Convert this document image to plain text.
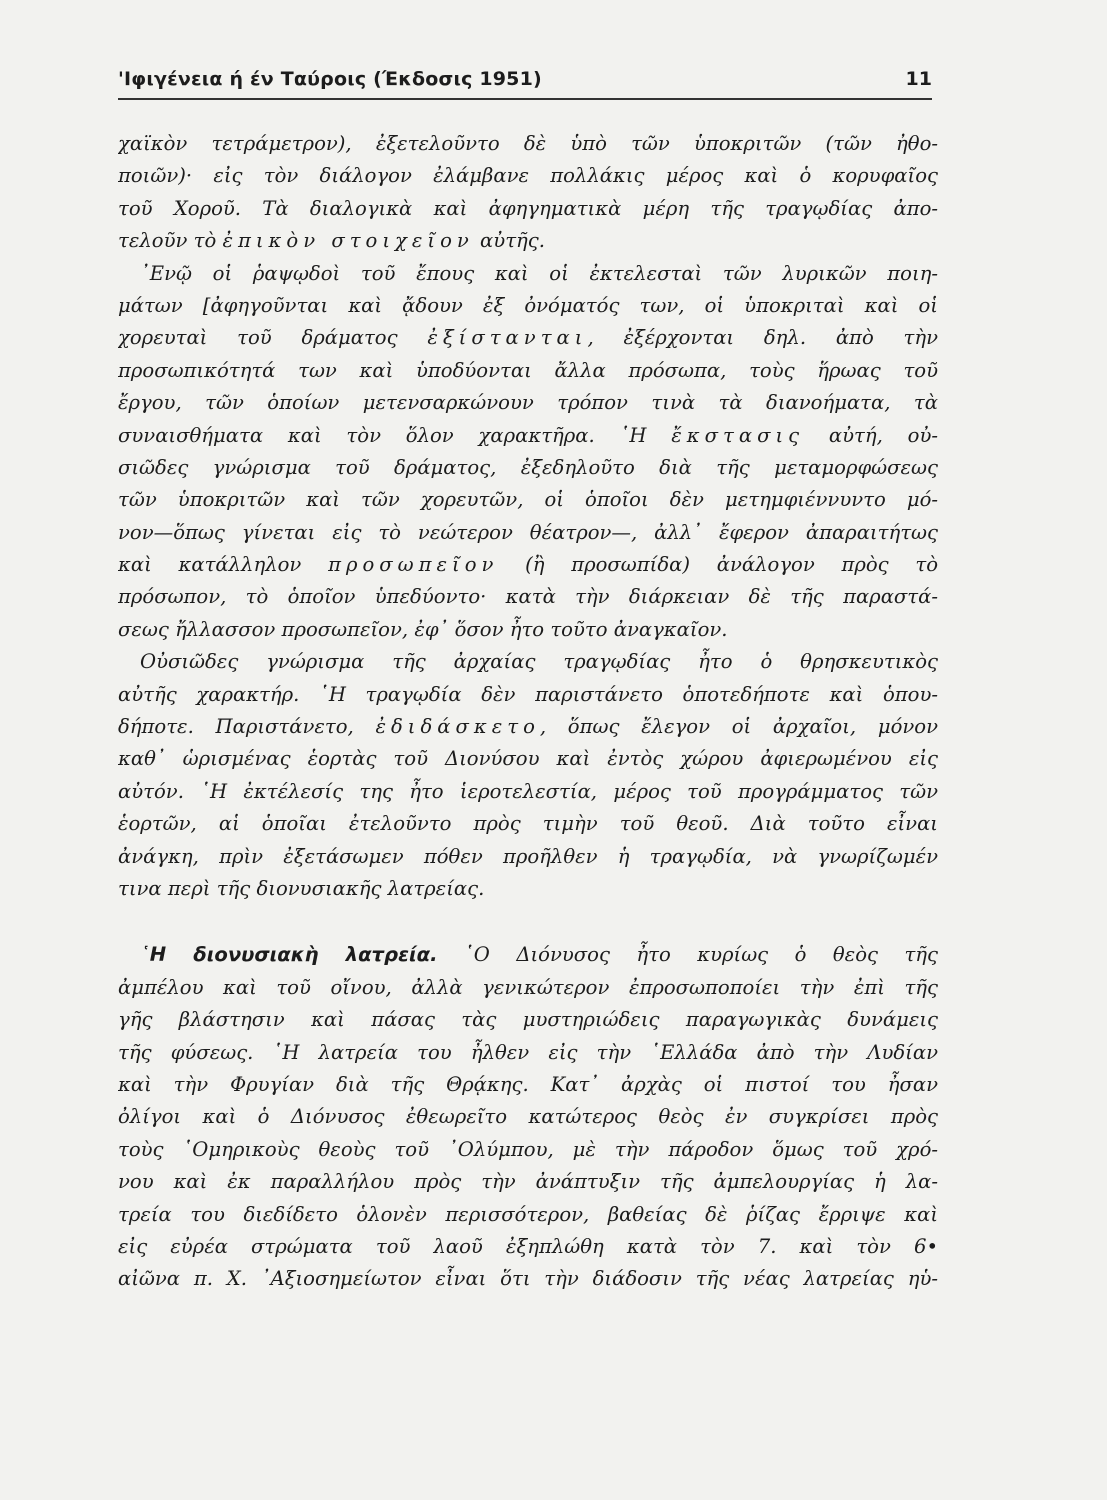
'Ιφιγένεια ή έν Ταύροις (Έκδοσις 1951)	11
χαϊκὸν τετράμετρον), ἐξετελοῦντο δὲ ὑπὸ τῶν ὑποκριτῶν (τῶν ἠθο-
ποιῶν)· εἰς τὸν διάλογον ἐλάμβανε πολλάκις μέρος καὶ ὁ κορυφαῖος
τοῦ Χοροῦ. Τὰ διαλογικὰ καὶ ἀφηγηματικὰ μέρη τῆς τραγῳδίας ἀπο-
τελοῦν τὸ ἐπικὸν στοιχεῖον αὐτῆς.
᾿Ενῷ οἱ ῥαψῳδοὶ τοῦ ἔπους καὶ οἱ ἐκτελεσταὶ τῶν λυρικῶν ποιη-
μάτων [ἀφηγοῦνται καὶ ᾄδουν ἐξ ὀνόματός των, οἱ ὑποκριταὶ καὶ οἱ
χορευταὶ τοῦ δράματος ἐξίστανται, ἐξέρχονται δηλ. ἀπὸ τὴν
προσωπικότητά των καὶ ὑποδύονται ἄλλα πρόσωπα, τοὺς ἥρωας τοῦ
ἔργου, τῶν ὁποίων μετενσαρκώνουν τρόπον τινὰ τὰ διανοήματα, τὰ
συναισθήματα καὶ τὸν ὅλον χαρακτῆρα. ῾Η ἔκστασις αὐτή, οὐ-
σιῶδες γνώρισμα τοῦ δράματος, ἐξεδηλοῦτο διὰ τῆς μεταμορφώσεως
τῶν ὑποκριτῶν καὶ τῶν χορευτῶν, οἱ ὁποῖοι δὲν μετημφιέννυντο μό-
νον—ὅπως γίνεται εἰς τὸ νεώτερον θέατρον—, ἀλλ᾿ ἔφερον ἀπαραιτήτως
καὶ κατάλληλον προσωπεῖον (ἢ προσωπίδα) ἀνάλογον πρὸς τὸ
πρόσωπον, τὸ ὁποῖον ὑπεδύοντο· κατὰ τὴν διάρκειαν δὲ τῆς παραστά-
σεως ἤλλασσον προσωπεῖον, ἐφ᾿ ὅσον ἦτο τοῦτο ἀναγκαῖον.
Οὐσιῶδες γνώρισμα τῆς ἀρχαίας τραγῳδίας ἦτο ὁ θρησκευτικὸς
αὐτῆς χαρακτήρ. ῾Η τραγῳδία δὲν παριστάνετο ὁποτεδήποτε καὶ ὁπου-
δήποτε. Παριστάνετο, ἐδιδάσκετο, ὅπως ἔλεγον οἱ ἀρχαῖοι, μόνον
καθ᾿ ὡρισμένας ἑορτὰς τοῦ Διονύσου καὶ ἐντὸς χώρου ἀφιερωμένου εἰς
αὐτόν. ῾Η ἐκτέλεσίς της ἦτο ἱεροτελεστία, μέρος τοῦ προγράμματος τῶν
ἑορτῶν, αἱ ὁποῖαι ἐτελοῦντο πρὸς τιμὴν τοῦ θεοῦ. Διὰ τοῦτο εἶναι
ἀνάγκη, πρὶν ἐξετάσωμεν πόθεν προῆλθεν ἡ τραγῳδία, νὰ γνωρίζωμέν
τινα περὶ τῆς διονυσιακῆς λατρείας.
῾Η διονυσιακὴ λατρεία. ῾Ο Διόνυσος ἦτο κυρίως ὁ θεὸς τῆς
ἀμπέλου καὶ τοῦ οἴνου, ἀλλὰ γενικώτερον ἐπροσωποποίει τὴν ἐπὶ τῆς
γῆς βλάστησιν καὶ πάσας τὰς μυστηριώδεις παραγωγικὰς δυνάμεις
τῆς φύσεως. ῾Η λατρεία του ἦλθεν εἰς τὴν ῾Ελλάδα ἀπὸ τὴν Λυδίαν
καὶ τὴν Φρυγίαν διὰ τῆς Θρᾴκης. Κατ᾿ ἀρχὰς οἱ πιστοί του ἦσαν
ὀλίγοι καὶ ὁ Διόνυσος ἐθεωρεῖτο κατώτερος θεὸς ἐν συγκρίσει πρὸς
τοὺς ῾Ομηρικοὺς θεοὺς τοῦ ᾿Ολύμπου, μὲ τὴν πάροδον ὅμως τοῦ χρό-
νου καὶ ἐκ παραλλήλου πρὸς τὴν ἀνάπτυξιν τῆς ἀμπελουργίας ἡ λα-
τρεία του διεδίδετο ὁλονὲν περισσότερον, βαθείας δὲ ῥίζας ἔρριψε καὶ
εἰς εὐρέα στρώματα τοῦ λαοῦ ἐξηπλώθη κατὰ τὸν 7. καὶ τὸν 6•
αἰῶνα π. Χ. ᾿Αξιοσημείωτον εἶναι ὅτι τὴν διάδοσιν τῆς νέας λατρείας ηὑ-
